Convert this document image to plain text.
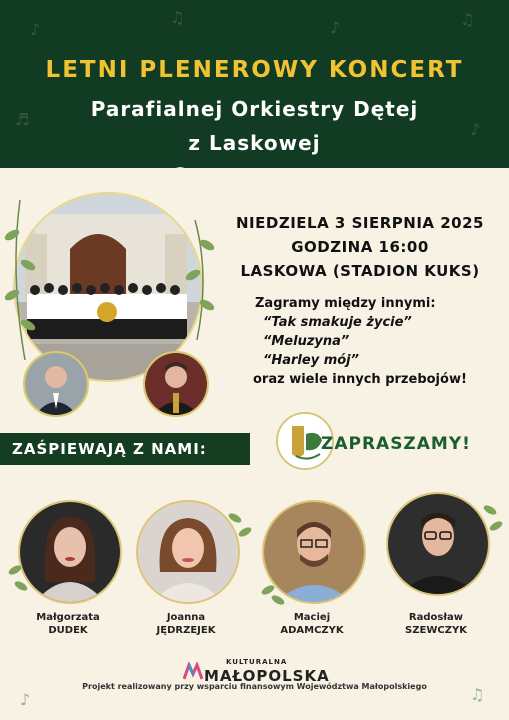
♪
♫
♪	♫
♬
♪
LETNI PLENEROWY KONCERT
Parafialnej Orkiestry Dętej
z Laskowej
NIEDZIELA 3 SIERPNIA 2025
GODZINA 16:00
LASKOWA (STADION KUKS)
Zagramy między innymi:
“Tak smakuje życie”
“Meluzyna”
“Harley mój”
oraz wiele innych przebojów!
ZAŚPIEWAJĄ Z NAMI:	ZAPRASZAMY!
Małgorzata
DUDEK
Joanna
JĘDRZEJEK
Maciej
ADAMCZYK
Radosław
SZEWCZYK
KULTURALNA
MAŁOPOLSKA
Projekt realizowany przy wsparciu finansowym Województwa Małopolskiego
♪	♫
